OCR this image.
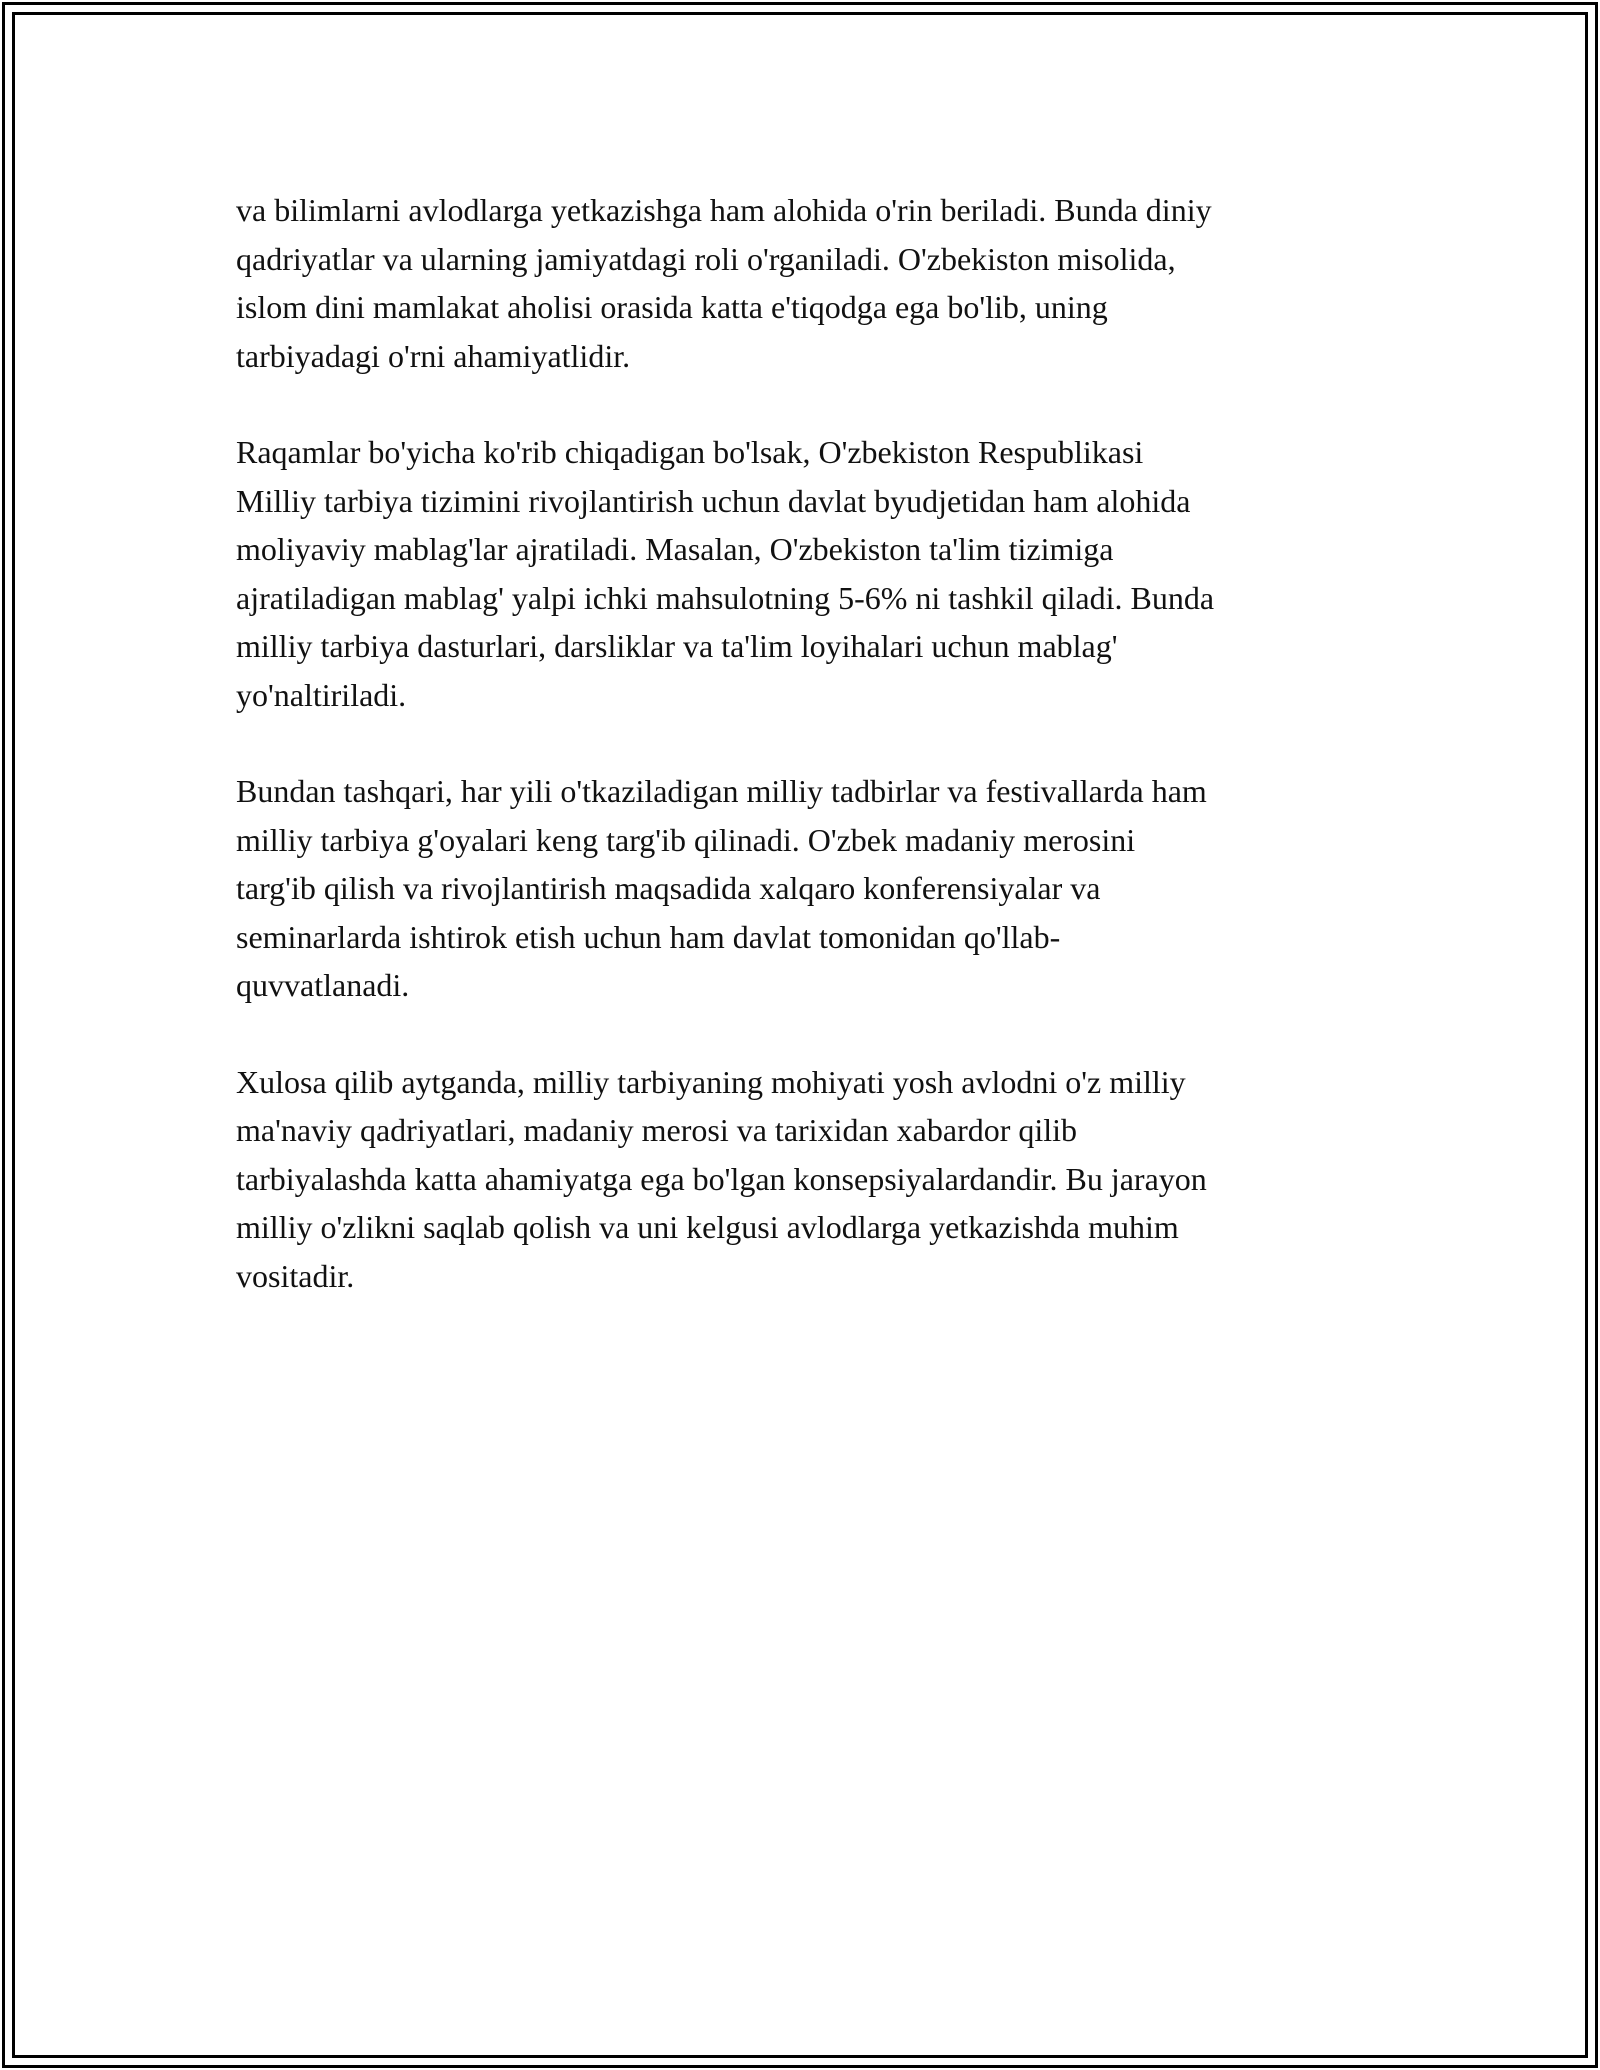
va bilimlarni avlodlarga yetkazishga ham alohida o'rin beriladi. Bunda diniy
qadriyatlar va ularning jamiyatdagi roli o'rganiladi. O'zbekiston misolida,
islom dini mamlakat aholisi orasida katta e'tiqodga ega bo'lib, uning
tarbiyadagi o'rni ahamiyatlidir.

Raqamlar bo'yicha ko'rib chiqadigan bo'lsak, O'zbekiston Respublikasi
Milliy tarbiya tizimini rivojlantirish uchun davlat byudjetidan ham alohida
moliyaviy mablag'lar ajratiladi. Masalan, O'zbekiston ta'lim tizimiga
ajratiladigan mablag' yalpi ichki mahsulotning 5-6% ni tashkil qiladi. Bunda
milliy tarbiya dasturlari, darsliklar va ta'lim loyihalari uchun mablag'
yo'naltiriladi.

Bundan tashqari, har yili o'tkaziladigan milliy tadbirlar va festivallarda ham
milliy tarbiya g'oyalari keng targ'ib qilinadi. O'zbek madaniy merosini
targ'ib qilish va rivojlantirish maqsadida xalqaro konferensiyalar va
seminarlarda ishtirok etish uchun ham davlat tomonidan qo'llab-
quvvatlanadi.

Xulosa qilib aytganda, milliy tarbiyaning mohiyati yosh avlodni o'z milliy
ma'naviy qadriyatlari, madaniy merosi va tarixidan xabardor qilib
tarbiyalashda katta ahamiyatga ega bo'lgan konsepsiyalardandir. Bu jarayon
milliy o'zlikni saqlab qolish va uni kelgusi avlodlarga yetkazishda muhim
vositadir.
